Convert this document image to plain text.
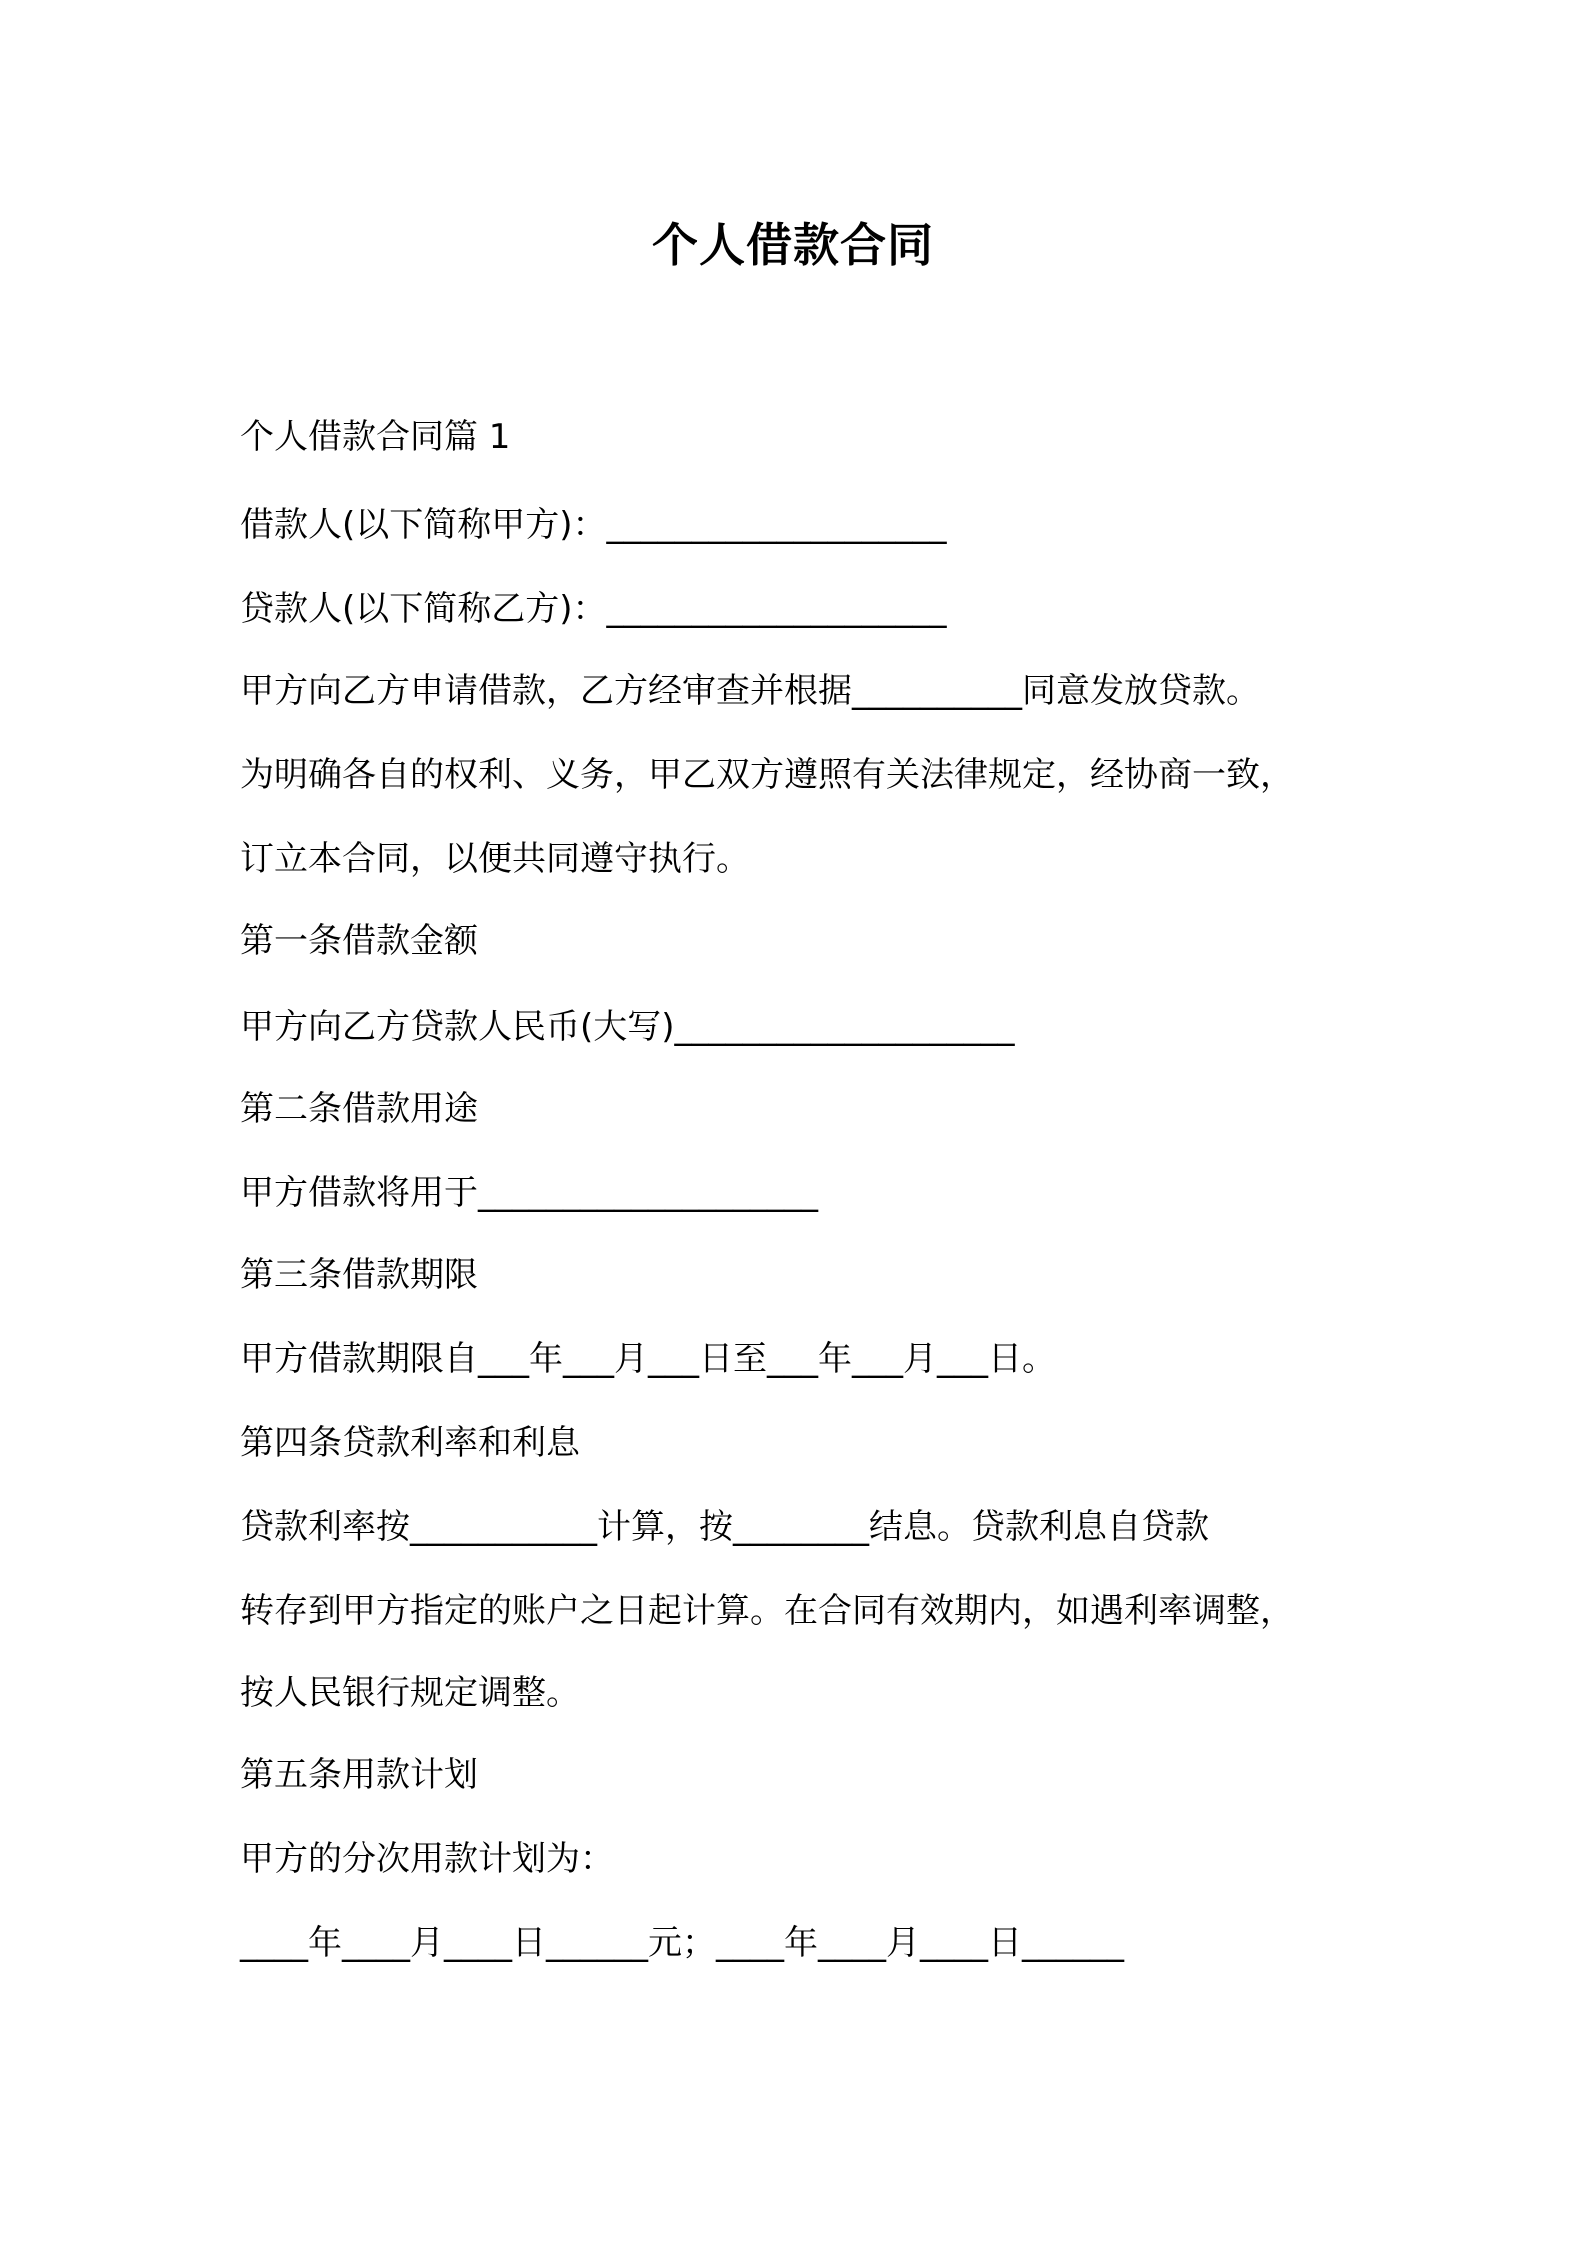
个人借款合同
个人借款合同篇 1
借款人(以下简称甲方)：____________________
贷款人(以下简称乙方)：____________________
甲方向乙方申请借款，乙方经审查并根据__________同意发放贷款。
为明确各自的权利、义务，甲乙双方遵照有关法律规定，经协商一致，
订立本合同，以便共同遵守执行。
第一条借款金额
甲方向乙方贷款人民币(大写)____________________
第二条借款用途
甲方借款将用于____________________
第三条借款期限
甲方借款期限自___年___月___日至___年___月___日。
第四条贷款利率和利息
贷款利率按___________计算，按________结息。贷款利息自贷款
转存到甲方指定的账户之日起计算。在合同有效期内，如遇利率调整，
按人民银行规定调整。
第五条用款计划
甲方的分次用款计划为：
____年____月____日______元；____年____月____日______
